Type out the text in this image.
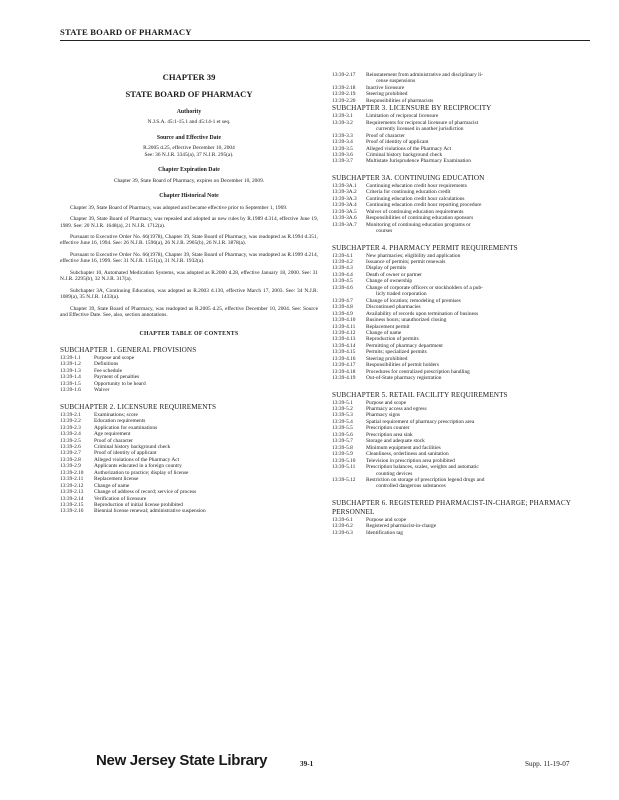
STATE BOARD OF PHARMACY
CHAPTER 39
STATE BOARD OF PHARMACY
Authority
N.J.S.A. 45:1-15.1 and 45:14-1 et seq.
Source and Effective Date
R.2005 d.25, effective December 10, 2004
See: 36 N.J.R. 3345(a), 37 N.J.R. 295(a).
Chapter Expiration Date
Chapter 39, State Board of Pharmacy, expires on December 10, 2009.
Chapter Historical Note
Chapter 39, State Board of Pharmacy, was adopted and became effective prior to September 1, 1969.
Chapter 39, State Board of Pharmacy, was repealed and adopted as new rules by R.1989 d.314, effective June 19, 1989. See: 20 N.J.R. 1648(a), 21 N.J.R. 1712(a).
Pursuant to Executive Order No. 66(1978), Chapter 39, State Board of Pharmacy, was readopted as R.1994 d.351, effective June 16, 1994. See: 26 N.J.R. 1596(a), 26 N.J.R. 2905(b), 26 N.J.R. 3878(a).
Pursuant to Executive Order No. 66(1978), Chapter 39, State Board of Pharmacy, was readopted as R.1999 d.214, effective June 16, 1999. See: 31 N.J.R. 1151(a), 31 N.J.R. 1932(a).
Subchapter 10, Automated Medication Systems, was adopted as R.2000 d.28, effective January 18, 2000. See: 31 N.J.R. 2295(b), 32 N.J.R. 317(a).
Subchapter 3A, Continuing Education, was adopted as R.2003 d.130, effective March 17, 2003. See: 34 N.J.R. 1089(a), 35 N.J.R. 1433(a).
Chapter 39, State Board of Pharmacy, was readopted as R.2005 d.25, effective December 10, 2004. See: Source and Effective Date. See, also, section annotations.
CHAPTER TABLE OF CONTENTS
SUBCHAPTER 1. GENERAL PROVISIONS
13:39-1.1	Purpose and scope
13:39-1.2	Definitions
13:39-1.3	Fee schedule
13:39-1.4	Payment of penalties
13:39-1.5	Opportunity to be heard
13:39-1.6	Waiver
SUBCHAPTER 2. LICENSURE REQUIREMENTS
13:39-2.1	Examinations; score
13:39-2.2	Education requirements
13:39-2.3	Application for examinations
13:39-2.4	Age requirement
13:39-2.5	Proof of character
13:39-2.6	Criminal history background check
13:39-2.7	Proof of identity of applicant
13:39-2.8	Alleged violations of the Pharmacy Act
13:39-2.9	Applicants educated in a foreign country
13:39-2.10	Authorization to practice; display of license
13:39-2.11	Replacement license
13:39-2.12	Change of name
13:39-2.13	Change of address of record; service of process
13:39-2.14	Verification of licensure
13:39-2.15	Reproduction of initial license prohibited
13:39-2.16	Biennial license renewal; administrative suspension
13:39-2.17	Reinstatement from administrative and disciplinary li-
cense suspensions
13:39-2.18	Inactive licensure
13:39-2.19	Steering prohibited
13:39-2.20	Responsibilities of pharmacists
SUBCHAPTER 3. LICENSURE BY RECIPROCITY
13:39-3.1	Limitation of reciprocal licensure
13:39-3.2	Requirements for reciprocal licensure of pharmacist
currently licensed in another jurisdiction
13:39-3.3	Proof of character
13:39-3.4	Proof of identity of applicant
13:39-3.5	Alleged violations of the Pharmacy Act
13:39-3.6	Criminal history background check
13:39-3.7	Multistate Jurisprudence Pharmacy Examination
SUBCHAPTER 3A. CONTINUING EDUCATION
13:39-3A.1	Continuing education credit hour requirements
13:39-3A.2	Criteria for continuing education credit
13:39-3A.3	Continuing education credit hour calculations
13:39-3A.4	Continuing education credit hour reporting procedure
13:39-3A.5	Waiver of continuing education requirements
13:39-3A.6	Responsibilities of continuing education sponsors
13:39-3A.7	Monitoring of continuing education programs or
courses
SUBCHAPTER 4. PHARMACY PERMIT REQUIREMENTS
13:39-4.1	New pharmacies; eligibility and application
13:39-4.2	Issuance of permits; permit renewals
13:39-4.3	Display of permits
13:39-4.4	Death of owner or partner
13:39-4.5	Change of ownership
13:39-4.6	Change of corporate officers or stockholders of a pub-
licly traded corporation
13:39-4.7	Change of location; remodeling of premises
13:39-4.8	Discontinued pharmacies
13:39-4.9	Availability of records upon termination of business
13:39-4.10	Business hours; unauthorized closing
13:39-4.11	Replacement permit
13:39-4.12	Change of name
13:39-4.13	Reproduction of permits
13:39-4.14	Permitting of pharmacy department
13:39-4.15	Permits; specialized permits
13:39-4.16	Steering prohibited
13:39-4.17	Responsibilities of permit holders
13:39-4.18	Procedures for centralized prescription handling
13:39-4.19	Out-of-State pharmacy registration
SUBCHAPTER 5. RETAIL FACILITY REQUIREMENTS
13:39-5.1	Purpose and scope
13:39-5.2	Pharmacy access and egress
13:39-5.3	Pharmacy signs
13:39-5.4	Spatial requirement of pharmacy prescription area
13:39-5.5	Prescription counter
13:39-5.6	Prescription area sink
13:39-5.7	Storage and adequate stock
13:39-5.8	Minimum equipment and facilities
13:39-5.9	Cleanliness, orderliness and sanitation
13:39-5.10	Television in prescription area prohibited
13:39-5.11	Prescription balances, scales, weights and automatic
counting devices
13:39-5.12	Restriction on storage of prescription legend drugs and
controlled dangerous substances
SUBCHAPTER 6. REGISTERED PHARMACIST-IN-CHARGE; PHARMACY PERSONNEL
13:39-6.1	Purpose and scope
13:39-6.2	Registered pharmacist-in-charge
13:39-6.3	Identification tag
New Jersey State Library	39-1	Supp. 11-19-07
